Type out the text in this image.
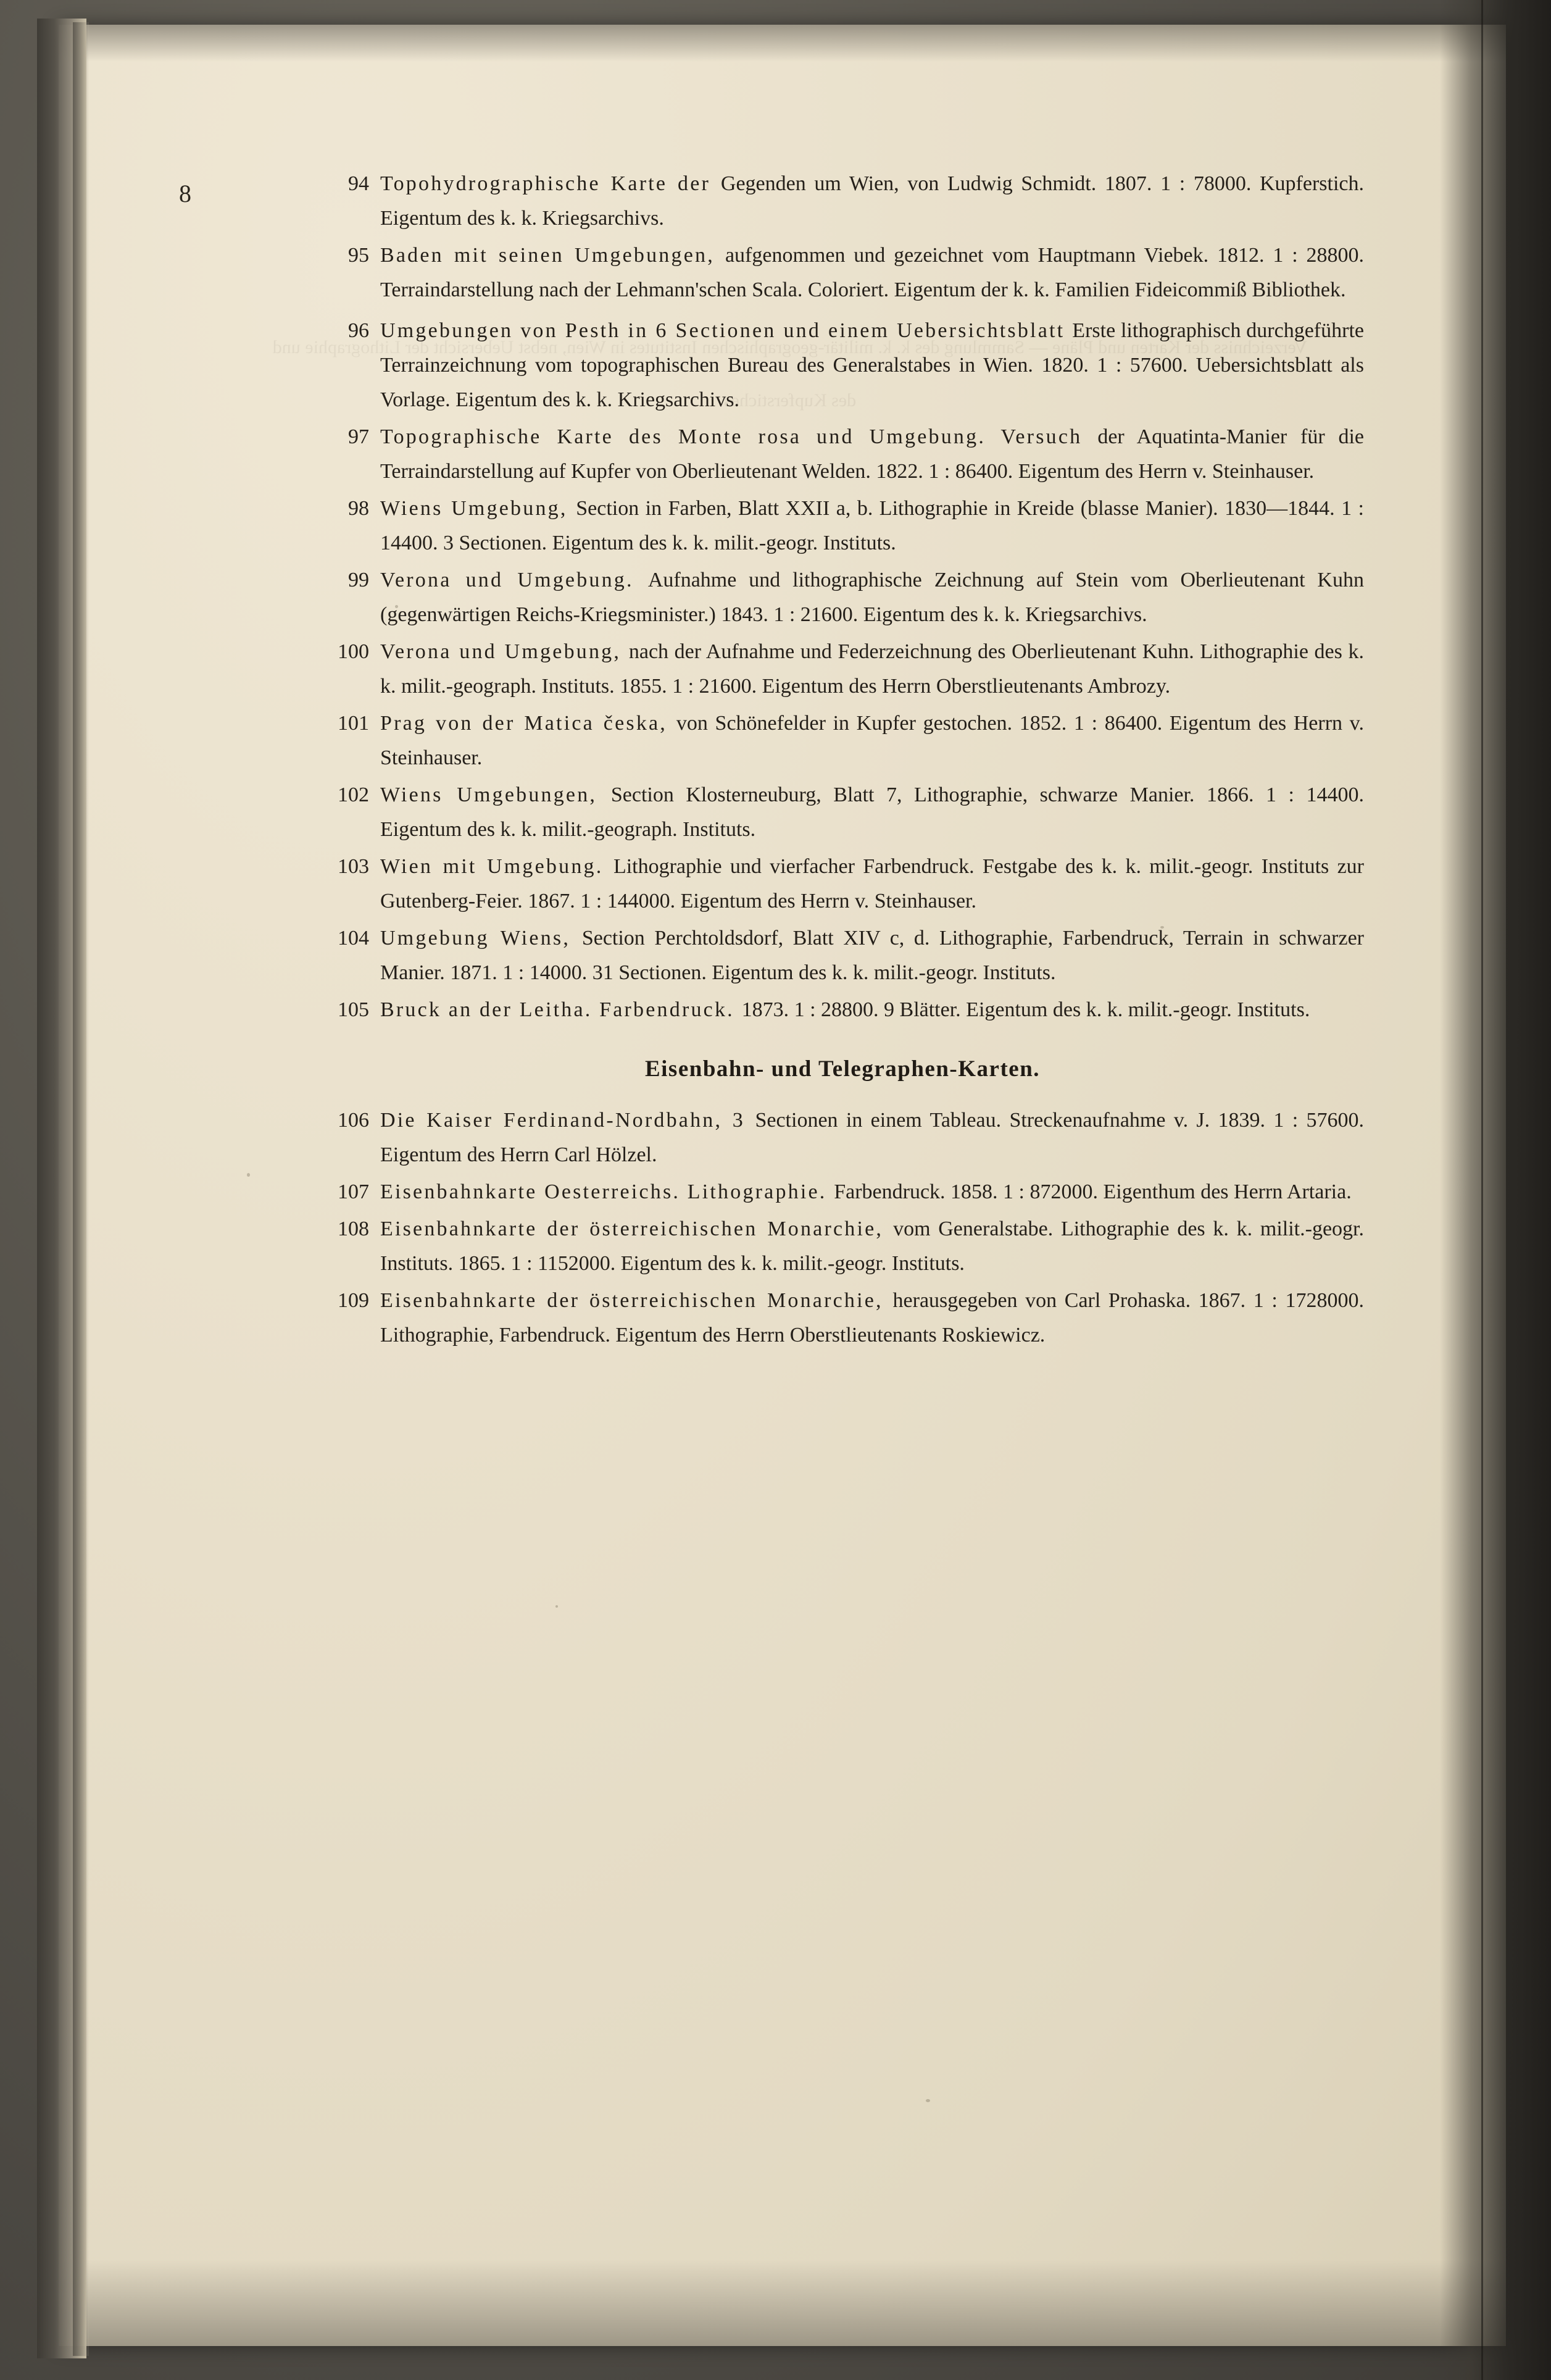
8	94 Topohydrographische Karte der Gegenden um Wien, von Ludwig Schmidt. 1807. 1 : 78000. Kupferstich. Eigentum des k. k. Kriegsarchivs.
95 Baden mit seinen Umgebungen, aufgenommen und gezeichnet vom Hauptmann Viebek. 1812. 1 : 28800. Terraindarstellung nach der Lehmann'schen Scala. Coloriert. Eigentum der k. k. Familien Fideicommiß Bibliothek.
96 Umgebungen von Pesth in 6 Sectionen und einem Uebersichtsblatt Erste lithographisch durchgeführte Terrainzeichnung vom topographischen Bureau des Generalstabes in Wien. 1820. 1 : 57600. Uebersichtsblatt als Vorlage. Eigentum des k. k. Kriegsarchivs.
97 Topographische Karte des Monte rosa und Umgebung. Versuch der Aquatinta-Manier für die Terraindarstellung auf Kupfer von Oberlieutenant Welden. 1822. 1 : 86400. Eigentum des Herrn v. Steinhauser.
98 Wiens Umgebung, Section in Farben, Blatt XXII a, b. Lithographie in Kreide (blasse Manier). 1830—1844. 1 : 14400. 3 Sectionen. Eigentum des k. k. milit.-geogr. Instituts.
99 Verona und Umgebung. Aufnahme und lithographische Zeichnung auf Stein vom Oberlieutenant Kuhn (gegenwärtigen Reichs-Kriegsminister.) 1843. 1 : 21600. Eigentum des k. k. Kriegsarchivs.
100 Verona und Umgebung, nach der Aufnahme und Federzeichnung des Oberlieutenant Kuhn. Lithographie des k. k. milit.-geograph. Instituts. 1855. 1 : 21600. Eigentum des Herrn Oberstlieutenants Ambrozy.
101 Prag von der Matica česka, von Schönefelder in Kupfer gestochen. 1852. 1 : 86400. Eigentum des Herrn v. Steinhauser.
102 Wiens Umgebungen, Section Klosterneuburg, Blatt 7, Lithographie, schwarze Manier. 1866. 1 : 14400. Eigentum des k. k. milit.-geograph. Instituts.
103 Wien mit Umgebung. Lithographie und vierfacher Farbendruck. Festgabe des k. k. milit.-geogr. Instituts zur Gutenberg-Feier. 1867. 1 : 144000. Eigentum des Herrn v. Steinhauser.
104 Umgebung Wiens, Section Perchtoldsdorf, Blatt XIV c, d. Lithographie, Farbendruck, Terrain in schwarzer Manier. 1871. 1 : 14000. 31 Sectionen. Eigentum des k. k. milit.-geogr. Instituts.
105 Bruck an der Leitha. Farbendruck. 1873. 1 : 28800. 9 Blätter. Eigentum des k. k. milit.-geogr. Instituts.
Eisenbahn- und Telegraphen-Karten.
106 Die Kaiser Ferdinand-Nordbahn, 3 Sectionen in einem Tableau. Streckenaufnahme v. J. 1839. 1 : 57600. Eigentum des Herrn Carl Hölzel.
107 Eisenbahnkarte Oesterreichs. Lithographie. Farbendruck. 1858. 1 : 872000. Eigenthum des Herrn Artaria.
108 Eisenbahnkarte der österreichischen Monarchie, vom Generalstabe. Lithographie des k. k. milit.-geogr. Instituts. 1865. 1 : 1152000. Eigentum des k. k. milit.-geogr. Instituts.
109 Eisenbahnkarte der österreichischen Monarchie, herausgegeben von Carl Prohaska. 1867. 1 : 1728000. Lithographie, Farbendruck. Eigentum des Herrn Oberstlieutenants Roskiewicz.
